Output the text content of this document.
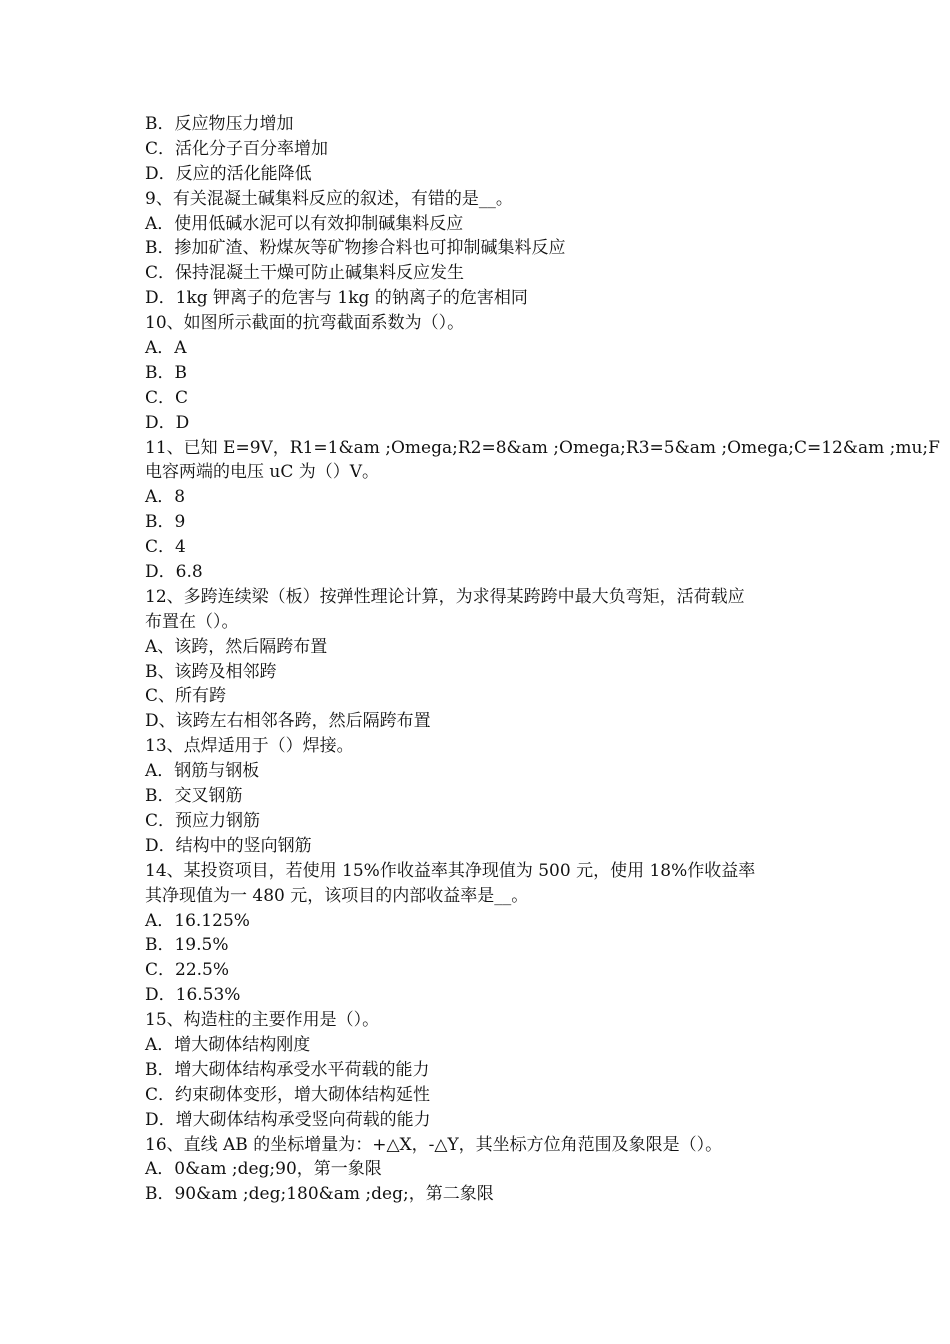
B．反应物压力增加
C．活化分子百分率增加
D．反应的活化能降低
9、有关混凝土碱集料反应的叙述，有错的是__。
A．使用低碱水泥可以有效抑制碱集料反应
B．掺加矿渣、粉煤灰等矿物掺合料也可抑制碱集料反应
C．保持混凝土干燥可防止碱集料反应发生
D．1kg 钾离子的危害与 1kg 的钠离子的危害相同
10、如图所示截面的抗弯截面系数为（）。
A．A
B．B
C．C
D．D
11、已知 E=9V，R1=1&am ;Omega;R2=8&am ;Omega;R3=5&am ;Omega;C=12&am ;mu;F
电容两端的电压 uC 为（）V。
A．8
B．9
C．4
D．6.8
12、多跨连续梁（板）按弹性理论计算，为求得某跨跨中最大负弯矩，活荷载应
布置在（）。
A、该跨，然后隔跨布置
B、该跨及相邻跨
C、所有跨
D、该跨左右相邻各跨，然后隔跨布置
13、点焊适用于（）焊接。
A．钢筋与钢板
B．交叉钢筋
C．预应力钢筋
D．结构中的竖向钢筋
14、某投资项目，若使用 15%作收益率其净现值为 500 元，使用 18%作收益率
其净现值为一 480 元，该项目的内部收益率是__。
A．16.125%
B．19.5%
C．22.5%
D．16.53%
15、构造柱的主要作用是（）。
A．增大砌体结构刚度
B．增大砌体结构承受水平荷载的能力
C．约束砌体变形，增大砌体结构延性
D．增大砌体结构承受竖向荷载的能力
16、直线 AB 的坐标增量为：+△X，-△Y，其坐标方位角范围及象限是（）。
A．0&am ;deg;90，第一象限
B．90&am ;deg;180&am ;deg;，第二象限
